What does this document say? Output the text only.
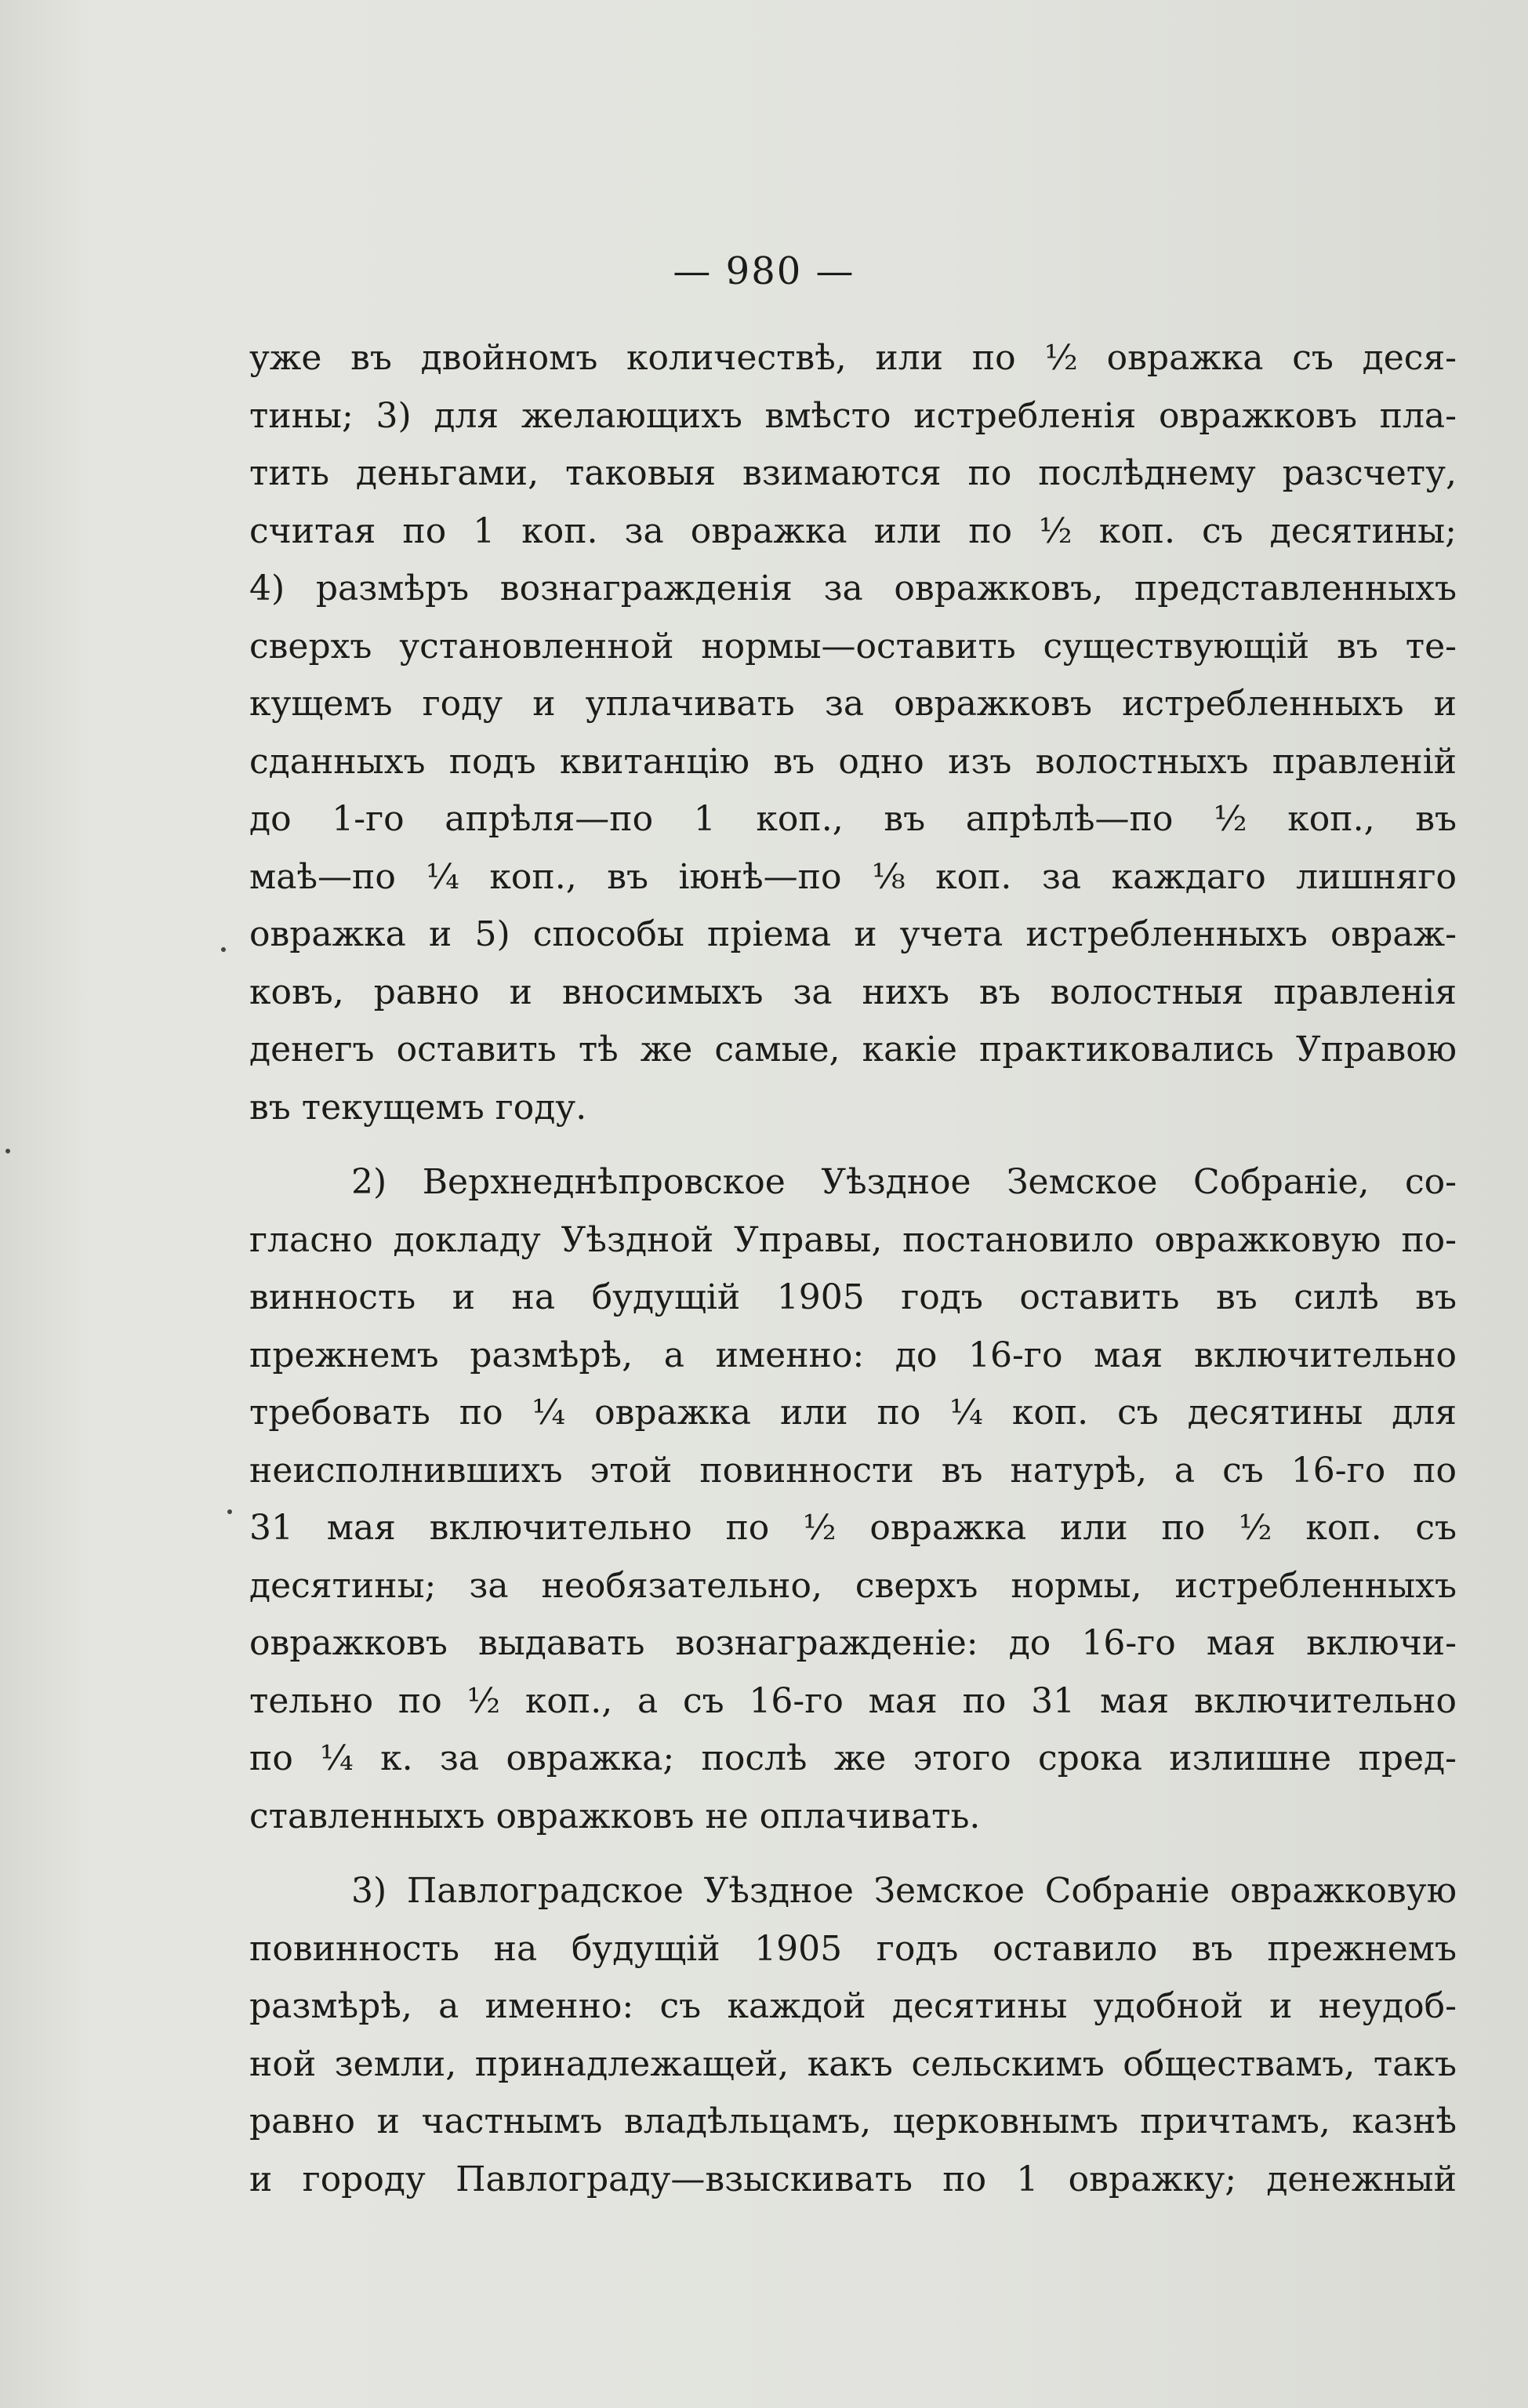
— 980 —
уже въ двойномъ количествѣ, или по ½ овражка съ деся-
тины; 3) для желающихъ вмѣсто истребленія овражковъ пла-
тить деньгами, таковыя взимаются по послѣднему разсчету,
считая по 1 коп. за овражка или по ½ коп. съ десятины;
4) размѣръ вознагражденія за овражковъ, представленныхъ
сверхъ установленной нормы—оставить существующій въ те-
кущемъ году и уплачивать за овражковъ истребленныхъ и
сданныхъ подъ квитанцію въ одно изъ волостныхъ правленій
до 1-го апрѣля—по 1 коп., въ апрѣлѣ—по ½ коп., въ
маѣ—по ¼ коп., въ іюнѣ—по ⅛ коп. за каждаго лишняго
овражка и 5) способы пріема и учета истребленныхъ овраж-
ковъ, равно и вносимыхъ за нихъ въ волостныя правленія
денегъ оставить тѣ же самые, какіе практиковались Управою
въ текущемъ году.
2) Верхнеднѣпровское Уѣздное Земское Собраніе, со-
гласно докладу Уѣздной Управы, постановило овражковую по-
винность и на будущій 1905 годъ оставить въ силѣ въ
прежнемъ размѣрѣ, а именно: до 16-го мая включительно
требовать по ¼ овражка или по ¼ коп. съ десятины для
неисполнившихъ этой повинности въ натурѣ, а съ 16-го по
31 мая включительно по ½ овражка или по ½ коп. съ
десятины; за необязательно, сверхъ нормы, истребленныхъ
овражковъ выдавать вознагражденіе: до 16-го мая включи-
тельно по ½ коп., а съ 16-го мая по 31 мая включительно
по ¼ к. за овражка; послѣ же этого срока излишне пред-
ставленныхъ овражковъ не оплачивать.
3) Павлоградское Уѣздное Земское Собраніе овражковую
повинность на будущій 1905 годъ оставило въ прежнемъ
размѣрѣ, а именно: съ каждой десятины удобной и неудоб-
ной земли, принадлежащей, какъ сельскимъ обществамъ, такъ
равно и частнымъ владѣльцамъ, церковнымъ причтамъ, казнѣ
и городу Павлограду—взыскивать по 1 овражку; денежный
